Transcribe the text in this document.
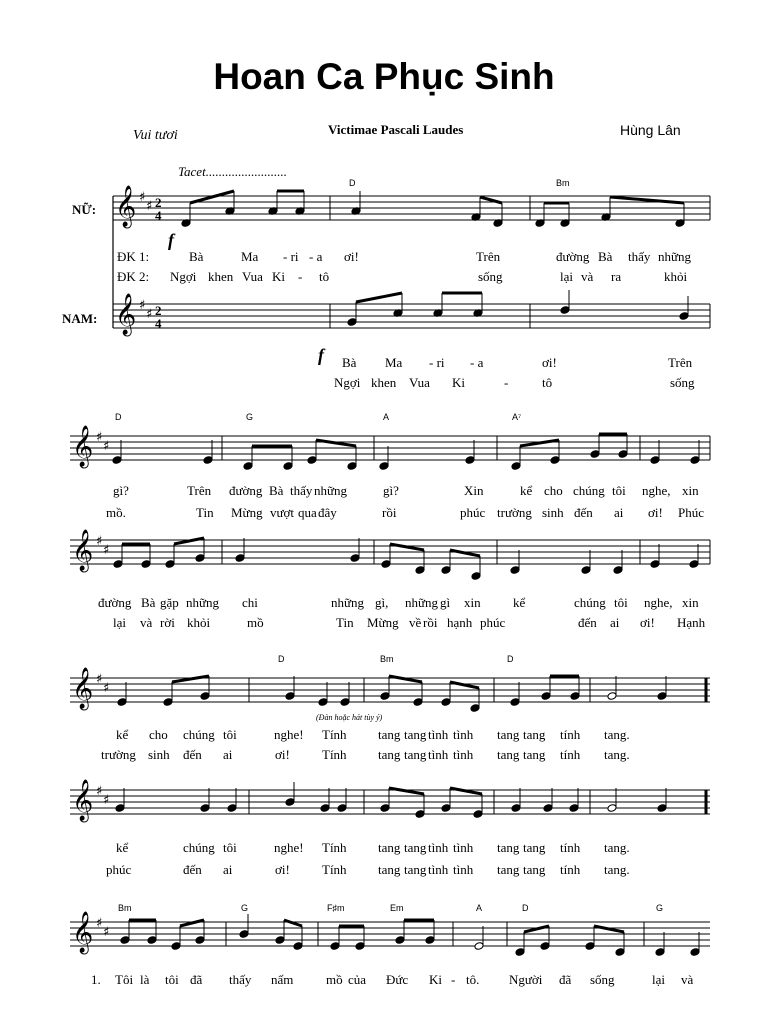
𝄞 ♯
♯ 2
4
𝄞 ♯
♯ 2
4
𝄞 ♯
♯
𝄞 ♯
♯
𝄞 ♯
♯
𝄞 ♯
♯
𝄞 ♯
♯
Hoan Ca Phục Sinh
Vui tươi	Victimae Pascali Laudes	Hùng Lân
Tacet.........................
NỮ:
NAM:
f
f
(Đàn hoặc hát tùy ý)
D	Bm
D	G	A	A⁷
D	Bm	D
Bm	G	F♯m	Em	A	D	G
ĐK 1:	Bà	Ma - ri - a ơi!	Trên	đường Bà thấy những
ĐK 2: Ngợi khen Vua Ki - tô	sống	lại và ra	khỏi
Bà Ma - ri - a	ơi!	Trên
Ngợi khen Vua Ki	-	tô	sống
gì?	Trên đường Bà thấy những	gì?	Xin	kể cho chúng tôi nghe, xin
mồ.	Tin Mừng vượt qua đây	rồi	phúc trường sinh đến ai ơi! Phúc
đường Bà gặp những chi	những gì, những gì xin kể	chúng tôi nghe, xin
lại và rời khỏi	mồ	Tin Mừng về rồi hạnh phúc	đến ai ơi! Hạnh
kể cho chúng tôi	nghe! Tính tang tang tình tình tang tang tính tang.
trường sinh đến ai	ơi! Tính tang tang tình tình tang tang tính tang.
kể	chúng tôi	nghe! Tính tang tang tình tình tang tang tính tang.
phúc	đến ai	ơi! Tính tang tang tình tình tang tang tính tang.
1. Tôi là tôi đã thấy nấm	mồ của Đức Ki - tô. Người đã sống	lại và
